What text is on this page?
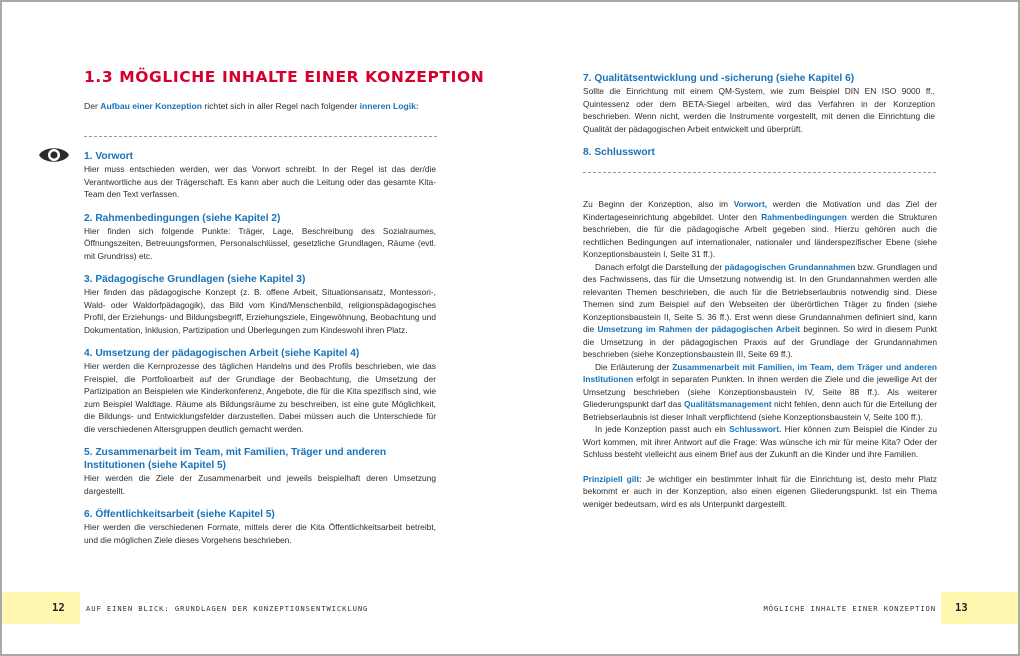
1.3 MÖGLICHE INHALTE EINER KONZEPTION
Der Aufbau einer Konzeption richtet sich in aller Regel nach folgender inneren Logik:
1. Vorwort
Hier muss entschieden werden, wer das Vorwort schreibt. In der Regel ist das der/die Verantwortliche aus der Trägerschaft. Es kann aber auch die Leitung oder das gesamte Kita-Team den Text verfassen.
2. Rahmenbedingungen (siehe Kapitel 2)
Hier finden sich folgende Punkte: Träger, Lage, Beschreibung des Sozialraumes, Öffnungszeiten, Betreuungsformen, Personalschlüssel, gesetzliche Grundlagen, Räume (evtl. mit Grundriss) etc.
3. Pädagogische Grundlagen (siehe Kapitel 3)
Hier finden das pädagogische Konzept (z. B. offene Arbeit, Situationsansatz, Montessori-, Wald- oder Waldorfpädagogik), das Bild vom Kind/Menschenbild, religionspädagogisches Profil, der Erziehungs- und Bildungsbegriff, Erziehungsziele, Eingewöhnung, Beobachtung und Dokumentation, Inklusion, Partizipation und Überlegungen zum Kindeswohl ihren Platz.
4. Umsetzung der pädagogischen Arbeit (siehe Kapitel 4)
Hier werden die Kernprozesse des täglichen Handelns und des Profils beschrieben, wie das Freispiel, die Portfolioarbeit auf der Grundlage der Beobachtung, die Umsetzung der Partizipation an Beispielen wie Kinderkonferenz, Angebote, die für die Kita spezifisch sind, wie zum Beispiel Waldtage. Räume als Bildungsräume zu beschreiben, ist eine gute Möglichkeit, die Bildungs- und Entwicklungsfelder darzustellen. Dabei müssen auch die Unterschiede für die verschiedenen Altersgruppen deutlich gemacht werden.
5. Zusammenarbeit im Team, mit Familien, Träger und anderen Institutionen (siehe Kapitel 5)
Hier werden die Ziele der Zusammenarbeit und jeweils beispielhaft deren Umsetzung dargestellt.
6. Öffentlichkeitsarbeit (siehe Kapitel 5)
Hier werden die verschiedenen Formate, mittels derer die Kita Öffentlichkeitsarbeit betreibt, und die möglichen Ziele dieses Vorgehens beschrieben.
12	AUF EINEN BLICK: GRUNDLAGEN DER KONZEPTIONSENTWICKLUNG
7. Qualitätsentwicklung und -sicherung (siehe Kapitel 6)
Sollte die Einrichtung mit einem QM-System, wie zum Beispiel DIN EN ISO 9000 ff., Quintessenz oder dem BETA-Siegel arbeiten, wird das Verfahren in der Konzeption beschrieben. Wenn nicht, werden die Instrumente vorgestellt, mit denen die Einrichtung die Qualität der pädagogischen Arbeit entwickelt und überprüft.
8. Schlusswort

Zu Beginn der Konzeption, also im Vorwort, werden die Motivation und das Ziel der Kindertageseinrichtung abgebildet. Unter den Rahmenbedingungen werden die Strukturen beschrieben, die für die pädagogische Arbeit gegeben sind. Hierzu gehören auch die rechtlichen Bedingungen auf internationaler, nationaler und länderspezifischer Ebene (siehe Konzeptionsbaustein I, Seite 31 ff.).

Danach erfolgt die Darstellung der pädagogischen Grundannahmen bzw. Grundlagen und des Fachwissens, das für die Umsetzung notwendig ist. In den Grundannahmen werden alle relevanten Themen beschrieben, die auch für die Betriebserlaubnis notwendig sind. Diese Themen sind zum Beispiel auf den Webseiten der überörtlichen Träger zu finden (siehe Konzeptionsbaustein II, Seite S. 36 ff.). Erst wenn diese Grundannahmen definiert sind, kann die Umsetzung im Rahmen der pädagogischen Arbeit beginnen. So wird in diesem Punkt die Umsetzung in der pädagogischen Praxis auf der Grundlage der Grundannahmen beschrieben (siehe Konzeptionsbaustein III, Seite 69 ff.).

Die Erläuterung der Zusammenarbeit mit Familien, im Team, dem Träger und anderen Institutionen erfolgt in separaten Punkten. In ihnen werden die Ziele und die jeweilige Art der Umsetzung beschrieben (siehe Konzeptionsbaustein IV, Seite 88 ff.). Als weiterer Gliederungspunkt darf das Qualitätsmanagement nicht fehlen, denn auch für die Erteilung der Betriebserlaubnis ist dieser Inhalt verpflichtend (siehe Konzeptionsbaustein V, Seite 100 ff.).

In jede Konzeption passt auch ein Schlusswort. Hier können zum Beispiel die Kinder zu Wort kommen, mit ihrer Antwort auf die Frage: Was wünsche ich mir für meine Kita? Oder der Schluss besteht vielleicht aus einem Brief aus der Zukunft an die Kinder und ihre Familien.

Prinzipiell gilt: Je wichtiger ein bestimmter Inhalt für die Einrichtung ist, desto mehr Platz bekommt er auch in der Konzeption, also einen eigenen Gliederungspunkt. Ist ein Thema weniger bedeutsam, wird es als Unterpunkt dargestellt.

MÖGLICHE INHALTE EINER KONZEPTION 13
